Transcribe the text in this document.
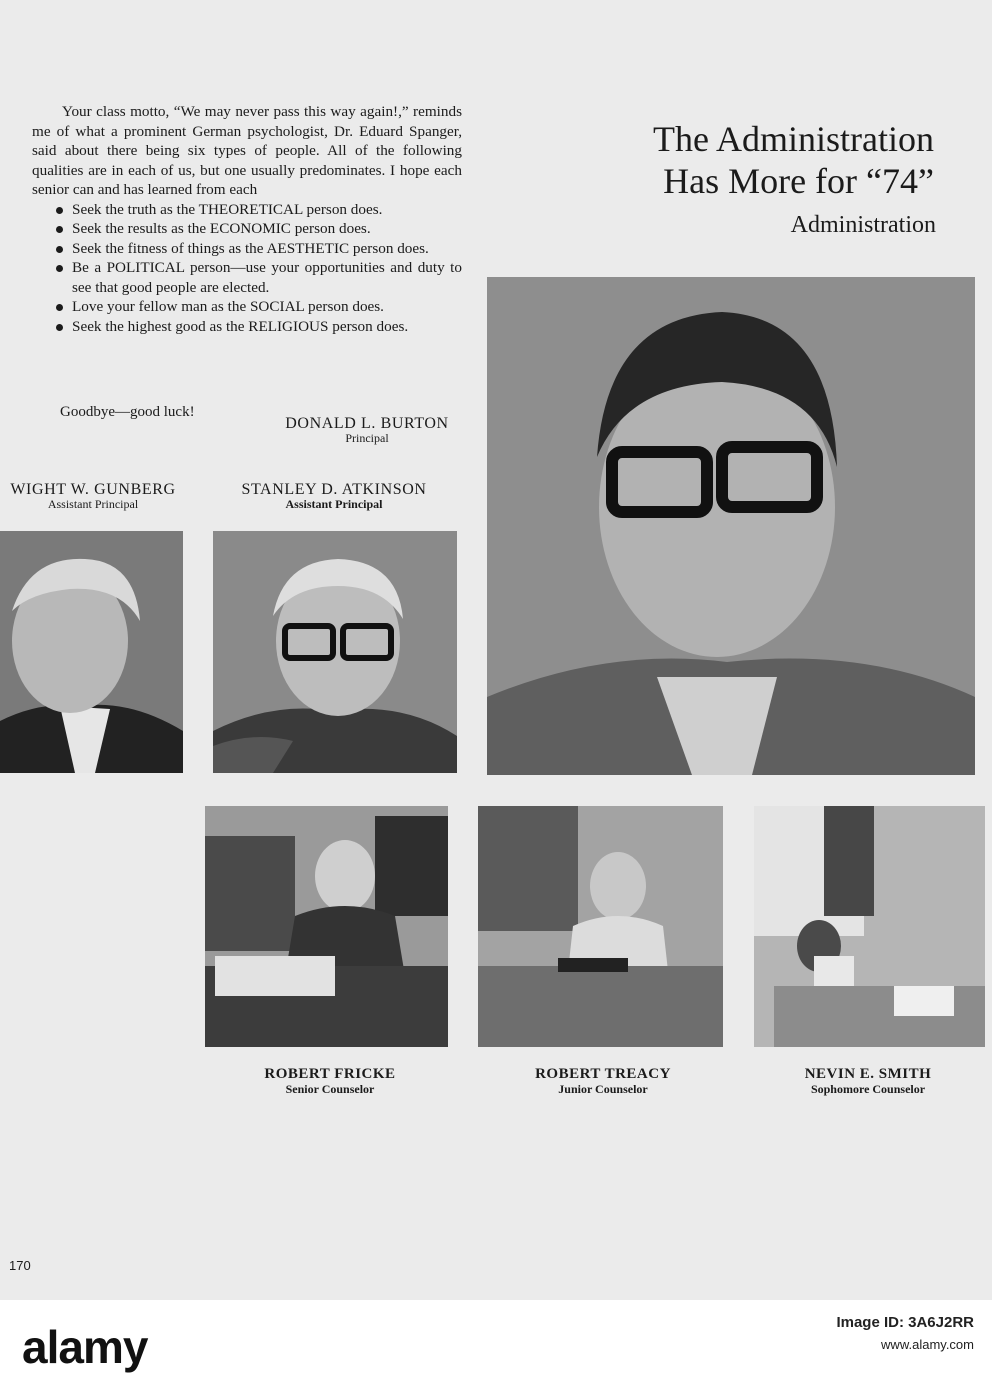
The Administration
Has More for “74”
Administration

Your class motto, “We may never pass this way again!,” reminds me of what a prominent German psychologist, Dr. Eduard Spanger, said about there being six types of people. All of the following qualities are in each of us, but one usually predominates. I hope each senior can and has learned from each

Seek the truth as the THEORETICAL person does.
Seek the results as the ECONOMIC person does.
Seek the fitness of things as the AESTHETIC person does.
Be a POLITICAL person—use your opportunities and duty to see that good people are elected.
Love your fellow man as the SOCIAL person does.
Seek the highest good as the RELIGIOUS person does.
Goodbye—good luck!
DONALD L. BURTON
Principal
WIGHT W. GUNBERG
Assistant Principal
STANLEY D. ATKINSON
Assistant Principal
ROBERT FRICKE
Senior Counselor
ROBERT TREACY
Junior Counselor
NEVIN E. SMITH
Sophomore Counselor
170
alamy	Image ID: 3A6J2RR
www.alamy.com
